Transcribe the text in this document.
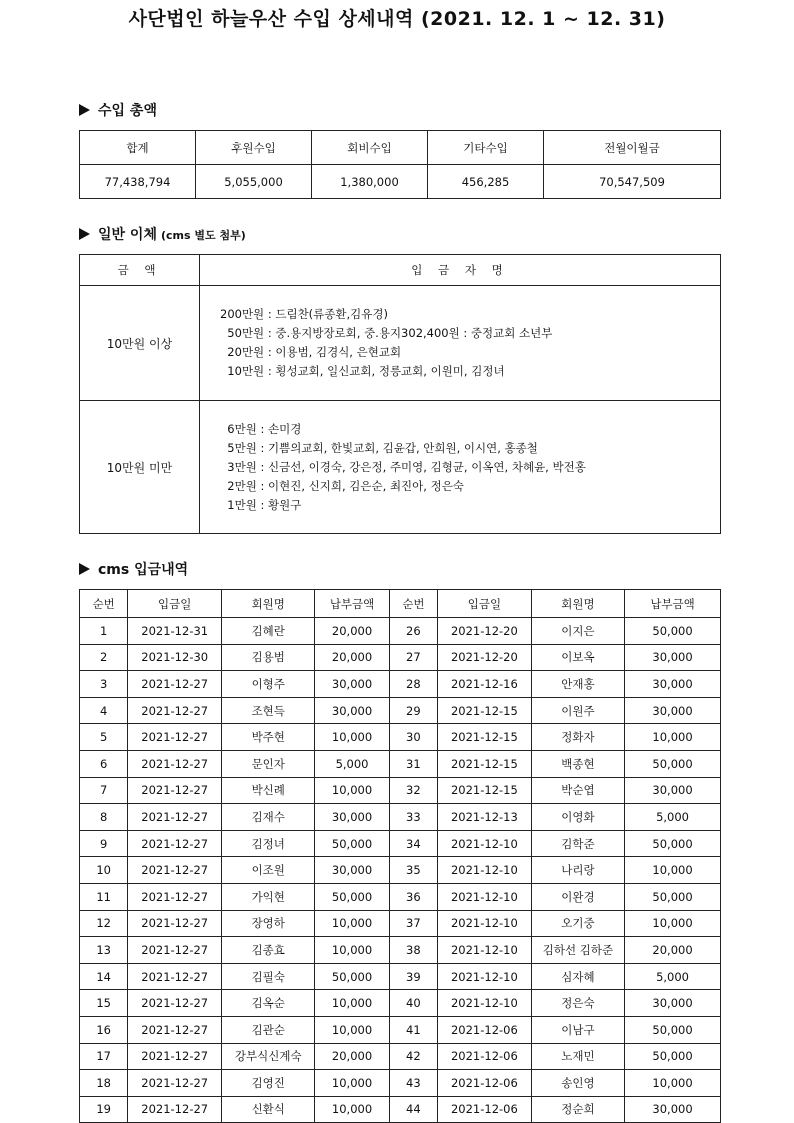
사단법인 하늘우산 수입 상세내역 (2021. 12. 1 ~ 12. 31)
수입 총액
합계	후원수입	회비수입	기타수입	전월이월금
77,438,794	5,055,000	1,380,000	456,285	70,547,509
일반 이체 (cms 별도 첨부)
금 액	입 금 자 명
10만원 이상	200만원 : 드림찬(류종환,김유경)
50만원 : 중.용지방장로회, 중.용지302,400원 : 중정교회 소년부
20만원 : 이용범, 김경식, 은현교회
10만원 : 횡성교회, 일신교회, 정릉교회, 이원미, 김정녀

10만원 미만	6만원 : 손미경
5만원 : 기쁨의교회, 한빛교회, 김윤갑, 안희원, 이시연, 홍종철
3만원 : 신금선, 이경숙, 강은정, 주미영, 김형균, 이옥연, 차혜윤, 박전홍
2만원 : 이현진, 신지희, 김은순, 최진아, 정은숙
1만원 : 황원구
cms 입금내역
순번	입금일	회원명	납부금액	순번	입금일	회원명	납부금액
1	2021-12-31	김혜란	20,000	26	2021-12-20	이지은	50,000
2	2021-12-30	김용범	20,000	27	2021-12-20	이보옥	30,000
3	2021-12-27	이형주	30,000	28	2021-12-16	안재홍	30,000
4	2021-12-27	조현득	30,000	29	2021-12-15	이원주	30,000
5	2021-12-27	박주현	10,000	30	2021-12-15	정화자	10,000
6	2021-12-27	문인자	5,000	31	2021-12-15	백종현	50,000
7	2021-12-27	박신례	10,000	32	2021-12-15	박순엽	30,000
8	2021-12-27	김재수	30,000	33	2021-12-13	이영화	5,000
9	2021-12-27	김정녀	50,000	34	2021-12-10	김학준	50,000
10	2021-12-27	이조원	30,000	35	2021-12-10	나리랑	10,000
11	2021-12-27	가익현	50,000	36	2021-12-10	이완경	50,000
12	2021-12-27	장영하	10,000	37	2021-12-10	오기중	10,000
13	2021-12-27	김종효	10,000	38	2021-12-10	김하선 김하준	20,000
14	2021-12-27	김필숙	50,000	39	2021-12-10	심자혜	5,000
15	2021-12-27	김옥순	10,000	40	2021-12-10	정은숙	30,000
16	2021-12-27	김관순	10,000	41	2021-12-06	이남구	50,000
17	2021-12-27	강부식신계숙	20,000	42	2021-12-06	노재민	50,000
18	2021-12-27	김영진	10,000	43	2021-12-06	송인영	10,000
19	2021-12-27	신환식	10,000	44	2021-12-06	정순희	30,000
